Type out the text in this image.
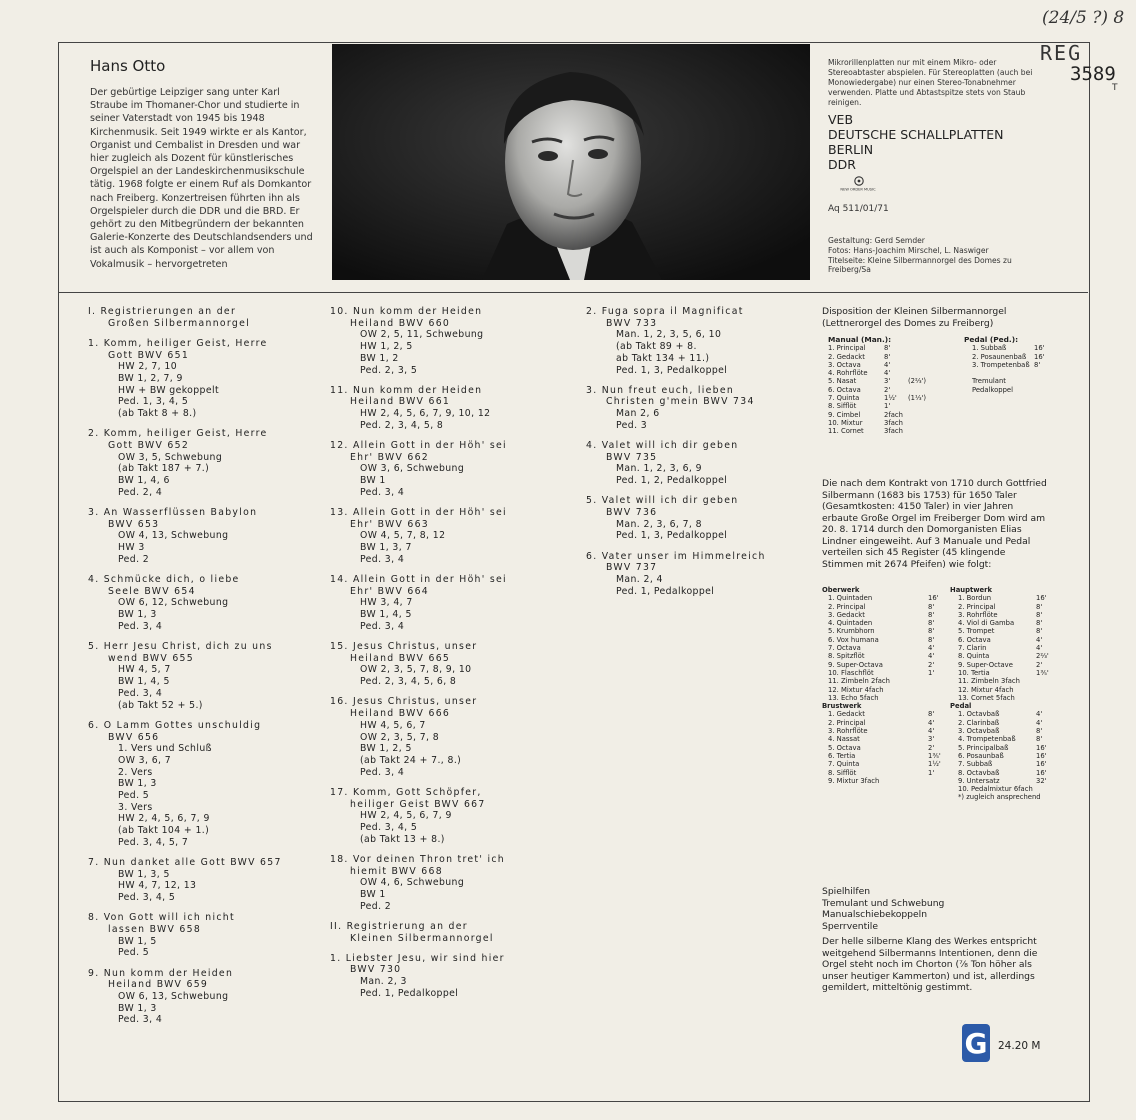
(24/5 ?) 8
REG
3589
T
Hans Otto
Der gebürtige Leipziger sang unter Karl Straube im Thomaner-Chor und studierte in seiner Vaterstadt von 1945 bis 1948 Kirchenmusik. Seit 1949 wirkte er als Kantor, Organist und Cembalist in Dresden und war hier zugleich als Dozent für künstlerisches Orgelspiel an der Landeskirchenmusikschule tätig. 1968 folgte er einem Ruf als Domkantor nach Freiberg. Konzertreisen führten ihn als Orgelspieler durch die DDR und die BRD. Er gehört zu den Mitbegründern der bekannten Galerie-Konzerte des Deutschlandsenders und ist auch als Komponist – vor allem von Vokalmusik – hervorgetreten
Mikrorillenplatten nur mit einem Mikro- oder Stereoabtaster abspielen. Für Stereoplatten (auch bei Monowiedergabe) nur einen Stereo-Tonabnehmer verwenden. Platte und Abtastspitze stets von Staub reinigen.
VEB
DEUTSCHE SCHALLPLATTEN
BERLIN
DDR
NEW ORDER MUSIC
Aq 511/01/71
Gestaltung: Gerd Semder
Fotos: Hans-Joachim Mirschel, L. Naswiger
Titelseite: Kleine Silbermannorgel des Domes zu Freiberg/Sa
I. Registrierungen an der
Großen Silbermannorgel
1. Komm, heiliger Geist, Herre
Gott BWV 651
HW 2, 7, 10
BW 1, 2, 7, 9
HW + BW gekoppelt
Ped. 1, 3, 4, 5
(ab Takt 8 + 8.)
2. Komm, heiliger Geist, Herre
Gott BWV 652
OW 3, 5, Schwebung
(ab Takt 187 + 7.)
BW 1, 4, 6
Ped. 2, 4
3. An Wasserflüssen Babylon
BWV 653
OW 4, 13, Schwebung
HW 3
Ped. 2
4. Schmücke dich, o liebe
Seele BWV 654
OW 6, 12, Schwebung
BW 1, 3
Ped. 3, 4
5. Herr Jesu Christ, dich zu uns
wend BWV 655
HW 4, 5, 7
BW 1, 4, 5
Ped. 3, 4
(ab Takt 52 + 5.)
6. O Lamm Gottes unschuldig
BWV 656
1. Vers und Schluß
OW 3, 6, 7
2. Vers
BW 1, 3
Ped. 5
3. Vers
HW 2, 4, 5, 6, 7, 9
(ab Takt 104 + 1.)
Ped. 3, 4, 5, 7
7. Nun danket alle Gott BWV 657
BW 1, 3, 5
HW 4, 7, 12, 13
Ped. 3, 4, 5
8. Von Gott will ich nicht
lassen BWV 658
BW 1, 5
Ped. 5
9. Nun komm der Heiden
Heiland BWV 659
OW 6, 13, Schwebung
BW 1, 3
Ped. 3, 4
10. Nun komm der Heiden
Heiland BWV 660
OW 2, 5, 11, Schwebung
HW 1, 2, 5
BW 1, 2
Ped. 2, 3, 5
11. Nun komm der Heiden
Heiland BWV 661
HW 2, 4, 5, 6, 7, 9, 10, 12
Ped. 2, 3, 4, 5, 8
12. Allein Gott in der Höh' sei
Ehr' BWV 662
OW 3, 6, Schwebung
BW 1
Ped. 3, 4
13. Allein Gott in der Höh' sei
Ehr' BWV 663
OW 4, 5, 7, 8, 12
BW 1, 3, 7
Ped. 3, 4
14. Allein Gott in der Höh' sei
Ehr' BWV 664
HW 3, 4, 7
BW 1, 4, 5
Ped. 3, 4
15. Jesus Christus, unser
Heiland BWV 665
OW 2, 3, 5, 7, 8, 9, 10
Ped. 2, 3, 4, 5, 6, 8
16. Jesus Christus, unser
Heiland BWV 666
HW 4, 5, 6, 7
OW 2, 3, 5, 7, 8
BW 1, 2, 5
(ab Takt 24 + 7., 8.)
Ped. 3, 4
17. Komm, Gott Schöpfer,
heiliger Geist BWV 667
HW 2, 4, 5, 6, 7, 9
Ped. 3, 4, 5
(ab Takt 13 + 8.)
18. Vor deinen Thron tret' ich
hiemit BWV 668
OW 4, 6, Schwebung
BW 1
Ped. 2
II. Registrierung an der
Kleinen Silbermannorgel
1. Liebster Jesu, wir sind hier
BWV 730
Man. 2, 3
Ped. 1, Pedalkoppel
2. Fuga sopra il Magnificat
BWV 733
Man. 1, 2, 3, 5, 6, 10
(ab Takt 89 + 8.
ab Takt 134 + 11.)
Ped. 1, 3, Pedalkoppel
3. Nun freut euch, lieben
Christen g'mein BWV 734
Man 2, 6
Ped. 3
4. Valet will ich dir geben
BWV 735
Man. 1, 2, 3, 6, 9
Ped. 1, 2, Pedalkoppel
5. Valet will ich dir geben
BWV 736
Man. 2, 3, 6, 7, 8
Ped. 1, 3, Pedalkoppel
6. Vater unser im Himmelreich
BWV 737
Man. 2, 4
Ped. 1, Pedalkoppel
Disposition der Kleinen Silbermannorgel (Lettnerorgel des Domes zu Freiberg)
Manual (Man.):	Pedal (Ped.):
1. Principal	8'	1. Subbaß	16'
2. Gedackt	8'	2. Posaunenbaß 16'
3. Octava	4'	3. Trompetenbaß 8'
4. Rohrflöte 4'
5. Nasat	3'	(2⅔')	Tremulant
6. Octava	2'	Pedalkoppel
7. Quinta	1½' (1⅓')
8. Sifflöt	1'
9. Cimbel	2fach
10. Mixtur	3fach
11. Cornet	3fach
Die nach dem Kontrakt von 1710 durch Gottfried Silbermann (1683 bis 1753) für 1650 Taler (Gesamtkosten: 4150 Taler) in vier Jahren erbaute Große Orgel im Freiberger Dom wird am 20. 8. 1714 durch den Domorganisten Elias Lindner eingeweiht. Auf 3 Manuale und Pedal verteilen sich 45 Register (45 klingende Stimmen mit 2674 Pfeifen) wie folgt:
Oberwerk	Hauptwerk
1. Quintaden	16'	1. Bordun	16'
2. Principal	8'	2. Principal	8'
3. Gedackt	8'	3. Rohrflöte	8'
4. Quintaden	8'	4. Viol di Gamba	8'
5. Krumbhorn	8'	5. Trompet	8'
6. Vox humana	8'	6. Octava	4'
7. Octava	4'	7. Clarin	4'
8. Spitzflöt	4'	8. Quinta	2⅔'
9. Super-Octava	2'	9. Super-Octave	2'
10. Flaschflöt	1'	10. Tertia	1⅗'
11. Zimbeln 2fach	11. Zimbeln 3fach
12. Mixtur 4fach	12. Mixtur 4fach
13. Echo 5fach	13. Cornet 5fach
Brustwerk	Pedal
1. Gedackt	8'	1. Octavbaß	4'
2. Principal	4'	2. Clarinbaß	4'
3. Rohrflöte	4'	3. Octavbaß	8'
4. Nassat	3'	4. Trompetenbaß	8'
5. Octava	2'	5. Principalbaß	16'
6. Tertia	1⅗'	6. Posaunbaß	16'
7. Quinta	1½'	7. Subbaß	16'
8. Sifflöt	1'	8. Octavbaß	16'
9. Mixtur 3fach	9. Untersatz	32'
10. Pedalmixtur 6fach
*) zugleich ansprechend
Spielhilfen
Tremulant und Schwebung
Manualschiebekoppeln
Sperrventile
Der helle silberne Klang des Werkes entspricht weitgehend Silbermanns Intentionen, denn die Orgel steht noch im Chorton (⅞ Ton höher als unser heutiger Kammerton) und ist, allerdings gemildert, mitteltönig gestimmt.
G 24.20 M
